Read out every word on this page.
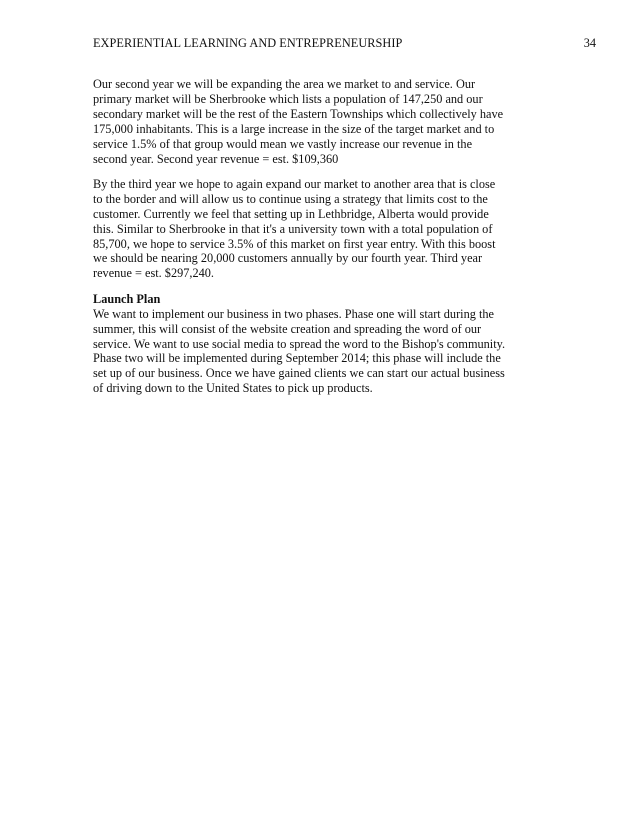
EXPERIENTIAL LEARNING AND ENTREPRENEURSHIP	34

Our second year we will be expanding the area we market to and service. Our
primary market will be Sherbrooke which lists a population of 147,250 and our
secondary market will be the rest of the Eastern Townships which collectively have
175,000 inhabitants. This is a large increase in the size of the target market and to
service 1.5% of that group would mean we vastly increase our revenue in the
second year. Second year revenue = est. $109,360

By the third year we hope to again expand our market to another area that is close
to the border and will allow us to continue using a strategy that limits cost to the
customer. Currently we feel that setting up in Lethbridge, Alberta would provide
this. Similar to Sherbrooke in that it's a university town with a total population of
85,700, we hope to service 3.5% of this market on first year entry. With this boost
we should be nearing 20,000 customers annually by our fourth year. Third year
revenue = est. $297,240.

Launch Plan
We want to implement our business in two phases. Phase one will start during the
summer, this will consist of the website creation and spreading the word of our
service. We want to use social media to spread the word to the Bishop's community.
Phase two will be implemented during September 2014; this phase will include the
set up of our business. Once we have gained clients we can start our actual business
of driving down to the United States to pick up products.
